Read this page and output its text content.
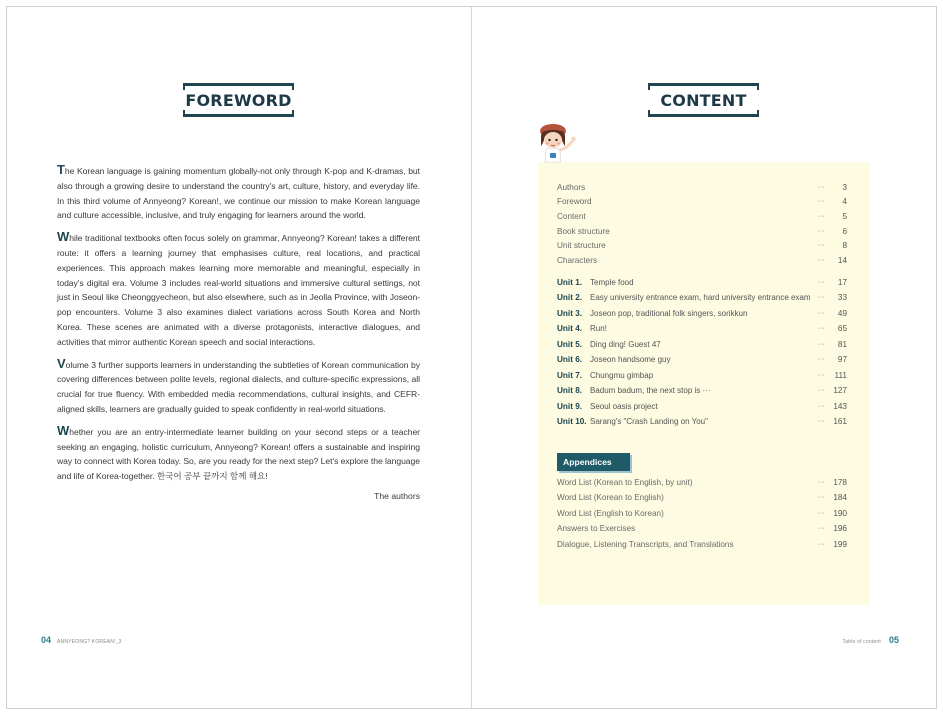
FOREWORD

The Korean language is gaining momentum globally-not only through K-pop and K-dramas, but also through a growing desire to understand the country's art, culture, history, and everyday life. In this third volume of Annyeong? Korean!, we continue our mission to make Korean language and culture accessible, inclusive, and truly engaging for learners around the world.

While traditional textbooks often focus solely on grammar, Annyeong? Korean! takes a different route: it offers a learning journey that emphasises culture, real locations, and practical experiences. This approach makes learning more memorable and meaningful, especially in today's digital era. Volume 3 includes real-world situations and immersive cultural settings, not just in Seoul like Cheonggyecheon, but also elsewhere, such as in Jeolla Province, with Joseon-pop encounters. Volume 3 also examines dialect variations across South Korea and North Korea. These scenes are animated with a diverse protagonists, interactive dialogues, and activities that mirror authentic Korean speech and social interactions.

Volume 3 further supports learners in understanding the subtleties of Korean communication by covering differences between polite levels, regional dialects, and culture-specific expressions, all crucial for true fluency. With embedded media recommendations, cultural insights, and CEFR-aligned skills, learners are gradually guided to speak confidently in real-world situations.

Whether you are an entry-intermediate learner building on your second steps or a teacher seeking an engaging, holistic curriculum, Annyeong? Korean! offers a sustainable and inspiring way to connect with Korea today. So, are you ready for the next step? Let's explore the language and life of Korea-together. 한국어 공부 끝까지 함께 해요!

The authors
04 ANNYEONG? KOREAN!_3
CONTENT
Appendices
Authors	···	3
Foreword	···	4
Content	···	5
Book structure	···	6
Unit structure	···	8
Characters	···	14
Unit 1. Temple food	···	17
Unit 2. Easy university entrance exam, hard university entrance exam ···	33
Unit 3. Joseon pop, traditional folk singers, sorikkun	···	49
Unit 4. Run!	···	65
Unit 5. Ding ding! Guest 47	···	81
Unit 6. Joseon handsome guy	···	97
Unit 7. Chungmu gimbap	···	111
Unit 8. Badum badum, the next stop is ···	···	127
Unit 9. Seoul oasis project	···	143
Unit 10. Sarang's "Crash Landing on You"	···	161
Word List (Korean to English, by unit)	···	178
Word List (Korean to English)	···	184
Word List (English to Korean)	···	190
Answers to Exercises	···	196
Dialogue, Listening Transcripts, and Translations	···	199
Table of content 05
